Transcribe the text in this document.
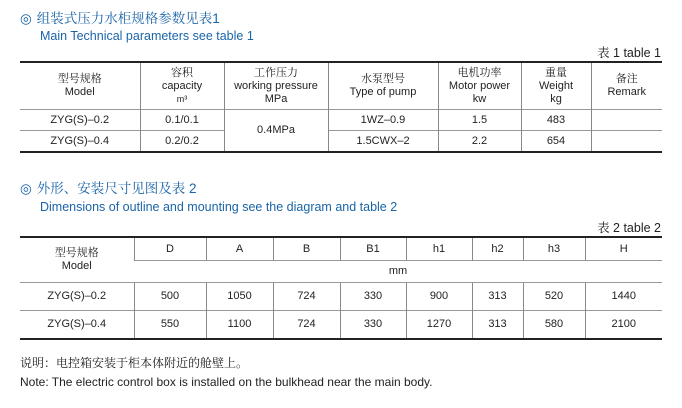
◎ 组装式压力水柜规格参数见表1
Main Technical parameters see table 1
表 1 table 1
型号规格
Model	容积
capacity
m³	工作压力
working pressure
MPa	水泵型号
Type of pump	电机功率
Motor power
kw	重量
Weight
kg	备注
Remark

ZYG(S)–0.2	0.1/0.1	0.4MPa	1WZ–0.9	1.5	483	
ZYG(S)–0.4	0.2/0.2		1.5CWX–2	2.2	654	
◎ 外形、安装尺寸见图及表 2
Dimensions of outline and mounting see the diagram and table 2
表 2 table 2
型号规格
Model	D	A	B	B1	h1	h2	h3	H
	mm							
ZYG(S)–0.2	500	1050	724	330	900	313	520	1440
ZYG(S)–0.4	550	1100	724	330	1270	313	580	2100
说明：电控箱安装于柜本体附近的舱壁上。
Note: The electric control box is installed on the bulkhead near the main body.
